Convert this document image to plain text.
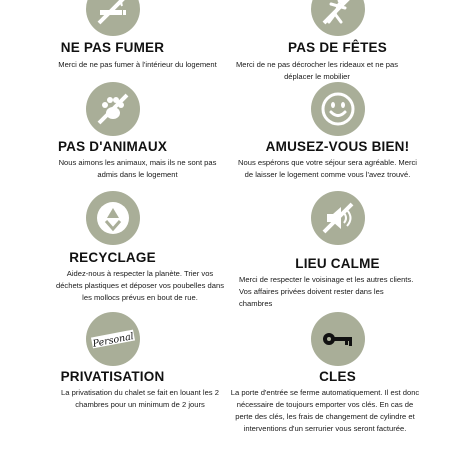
NE PAS FUMER
Merci de ne pas fumer à l'intérieur du logement
PAS DE FÊTES
Merci de ne pas décrocher les rideaux et ne pas déplacer le mobilier
PAS D'ANIMAUX
Nous aimons les animaux, mais ils ne sont pas admis dans le logement
AMUSEZ-VOUS BIEN!
Nous espérons que votre séjour sera agréable. Merci de laisser le logement comme vous l'avez trouvé.
RECYCLAGE
Aidez-nous à respecter la planète. Trier vos déchets plastiques et déposer vos poubelles dans les mollocs prévus en bout de rue.
LIEU CALME
Merci de respecter le voisinage et les autres clients. Vos affaires privées doivent rester dans les chambres
Personal
PRIVATISATION
La privatisation du chalet se fait en louant les 2 chambres pour un minimum de 2 jours
CLES
La porte d'entrée se ferme automatiquement. Il est donc nécessaire de toujours emporter vos clés. En cas de perte des clés, les frais de changement de cylindre et interventions d'un serrurier vous seront facturée.
